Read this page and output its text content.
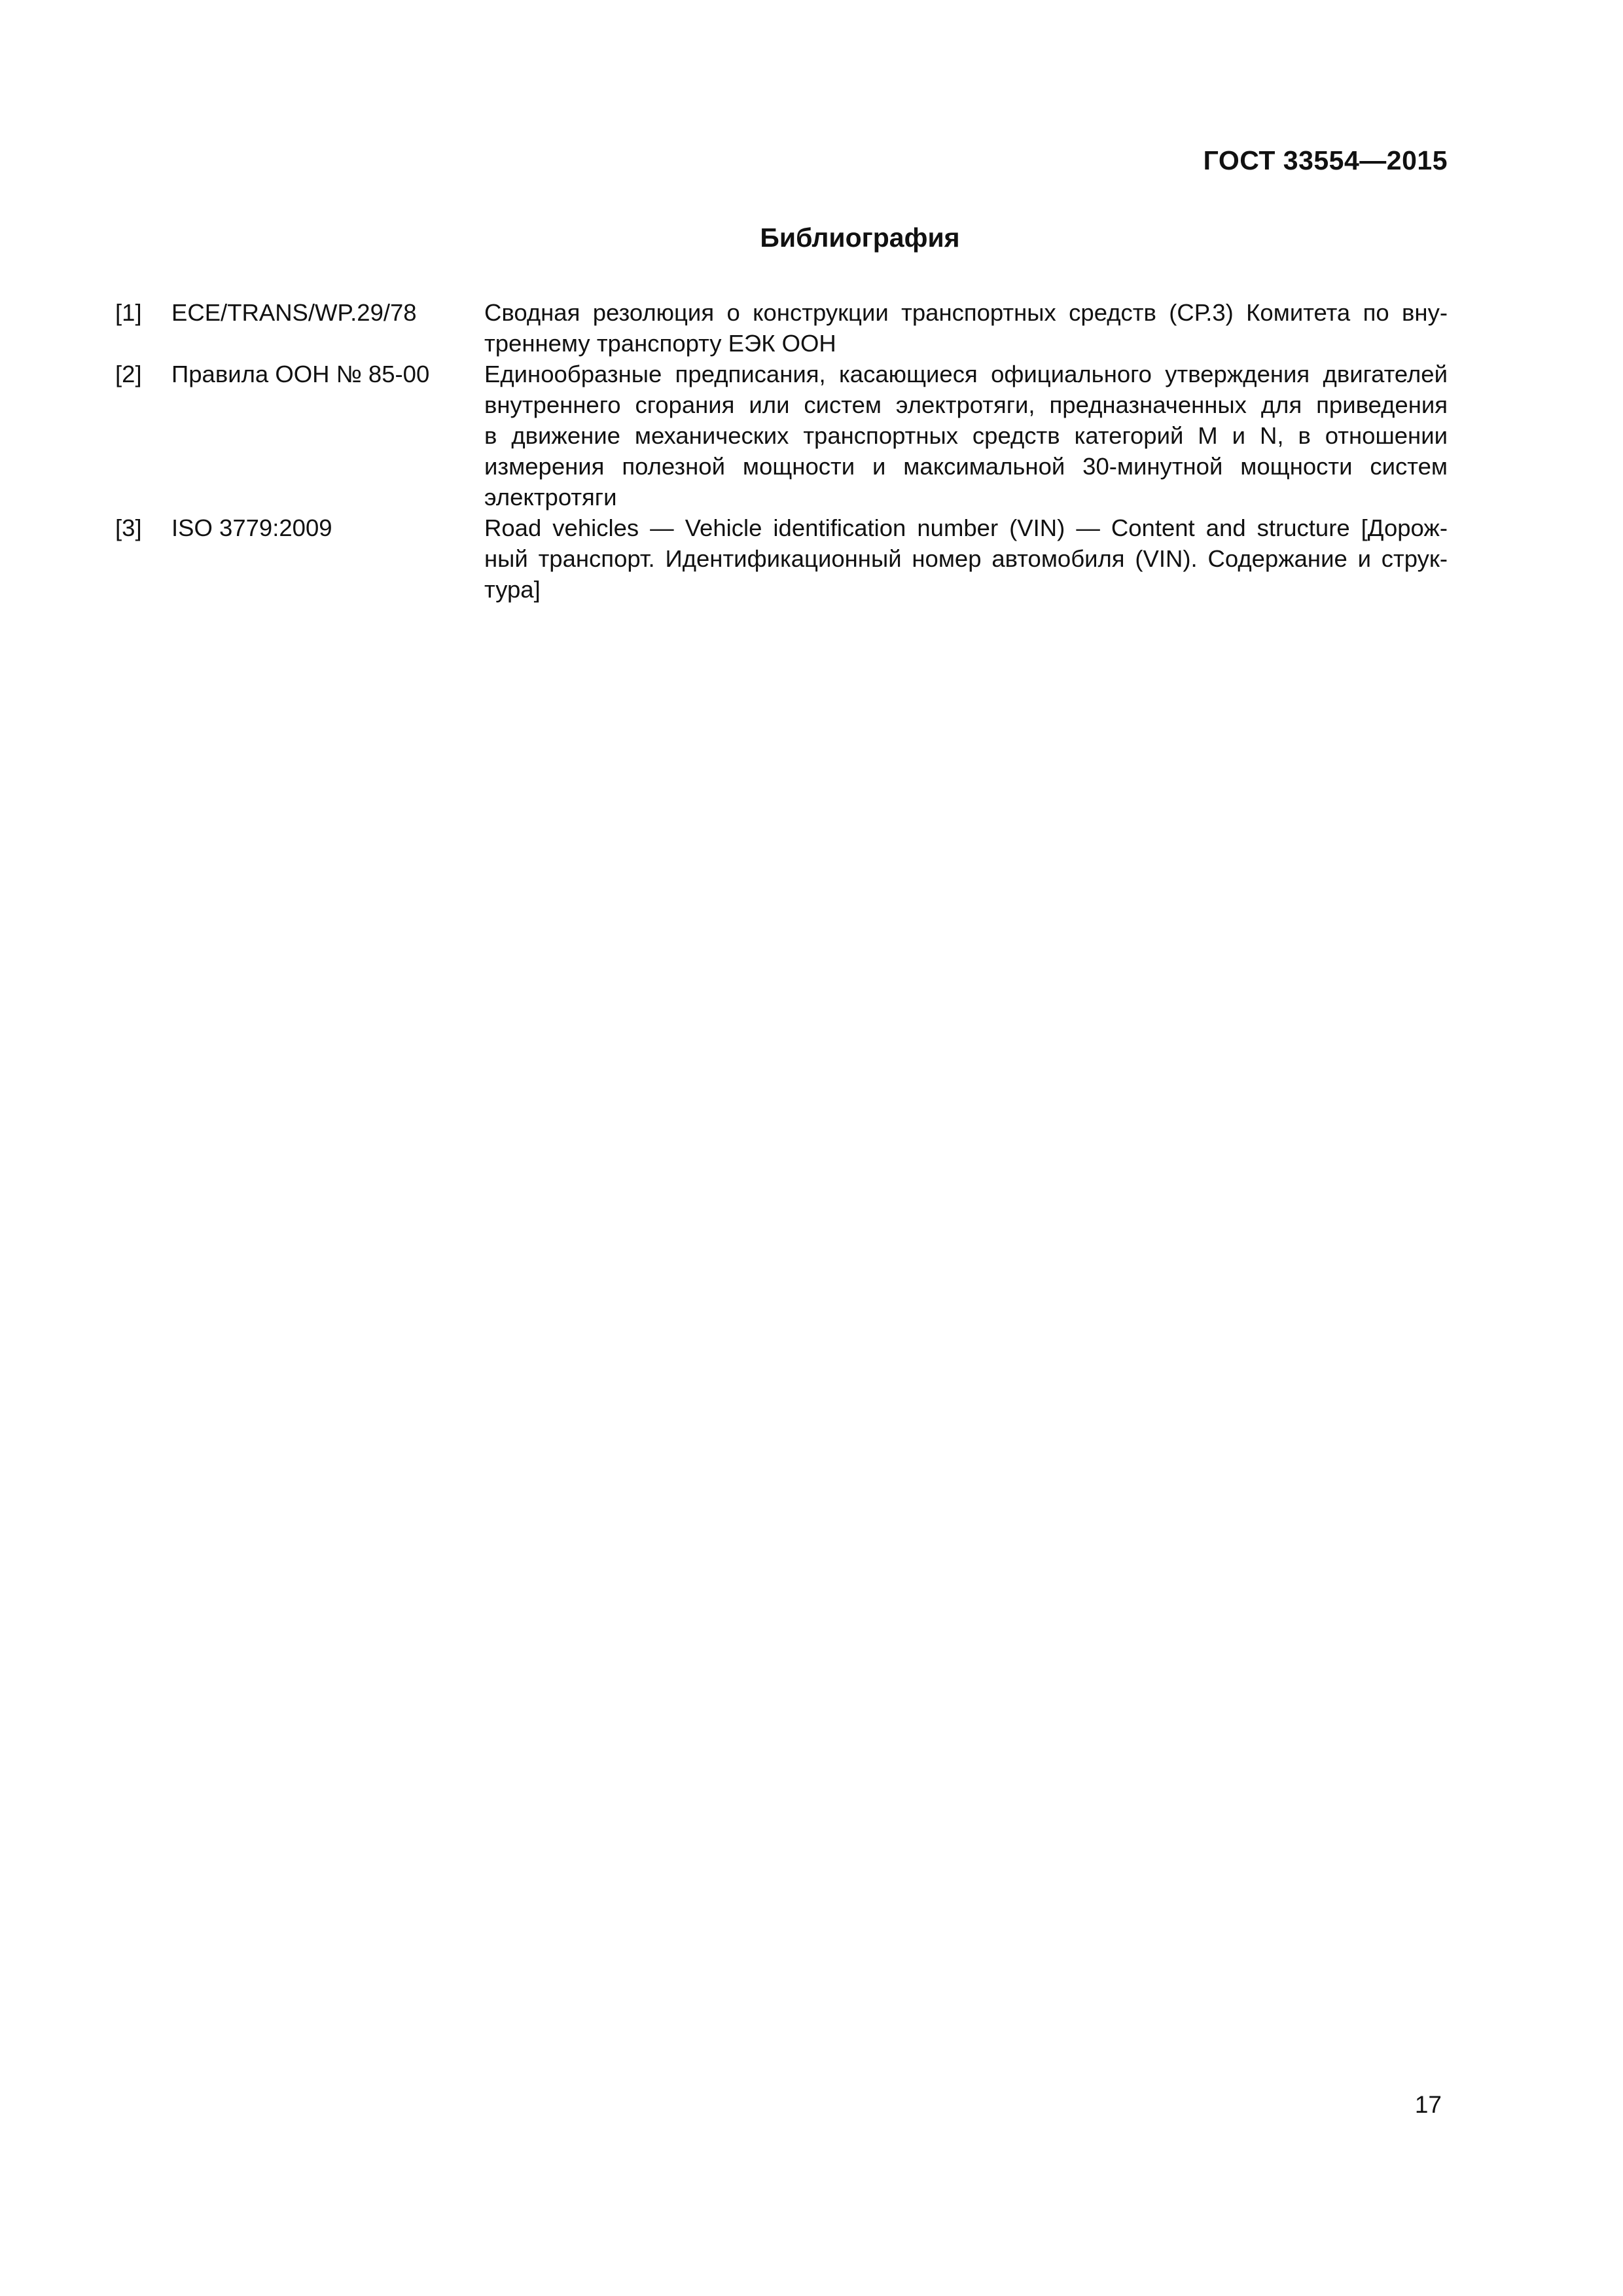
ГОСТ 33554—2015
Библиография
[1]	ECE/TRANS/WP.29/78	Сводная резолюция о конструкции транспортных средств (СР.3) Комитета по вну-
треннему транспорту ЕЭК ООН
[2]	Правила ООН № 85-00	Единообразные предписания, касающиеся официального утверждения двигателей
внутреннего сгорания или систем электротяги, предназначенных для приведения
в движение механических транспортных средств категорий M и N, в отношении
измерения полезной мощности и максимальной 30-минутной мощности систем
электротяги
[3]	ISO 3779:2009	Road vehicles — Vehicle identification number (VIN) — Content and structure [Дорож-
ный транспорт. Идентификационный номер автомобиля (VIN). Содержание и струк-
тура]
17
